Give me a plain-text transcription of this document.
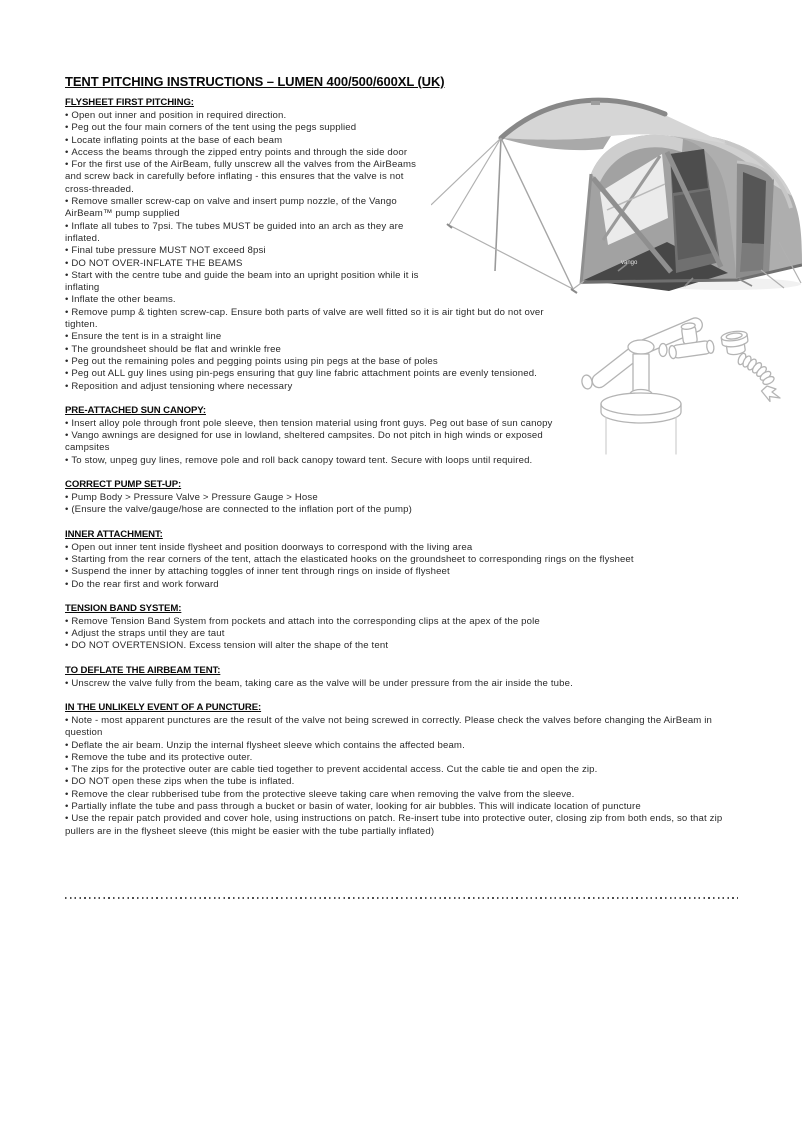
TENT PITCHING INSTRUCTIONS – LUMEN 400/500/600XL (UK)
vango
FLYSHEET FIRST PITCHING:
• Open out inner and position in required direction.
• Peg out the four main corners of the tent using the pegs supplied
• Locate inflating points at the base of each beam
• Access the beams through the zipped entry points and through the side door
• For the first use of the AirBeam, fully unscrew all the valves from the AirBeams and screw back in carefully before inflating - this ensures that the valve is not cross-threaded.
• Remove smaller screw-cap on valve and insert pump nozzle, of the Vango AirBeam™ pump supplied
• Inflate all tubes to 7psi. The tubes MUST be guided into an arch as they are inflated.
• Final tube pressure MUST NOT exceed 8psi
• DO NOT OVER-INFLATE THE BEAMS
• Start with the centre tube and guide the beam into an upright position while it is inflating
• Inflate the other beams.
• Remove pump & tighten screw-cap. Ensure both parts of valve are well fitted so it is air tight but do not over tighten.
• Ensure the tent is in a straight line
• The groundsheet should be flat and wrinkle free
• Peg out the remaining poles and pegging points using pin pegs at the base of poles
• Peg out ALL guy lines using pin-pegs ensuring that guy line fabric attachment points are evenly tensioned.
• Reposition and adjust tensioning where necessary
PRE-ATTACHED SUN CANOPY:
• Insert alloy pole through front pole sleeve, then tension material using front guys. Peg out base of sun canopy
• Vango awnings are designed for use in lowland, sheltered campsites. Do not pitch in high winds or exposed campsites
• To stow, unpeg guy lines, remove pole and roll back canopy toward tent. Secure with loops until required.
CORRECT PUMP SET-UP:
• Pump Body > Pressure Valve > Pressure Gauge > Hose
• (Ensure the valve/gauge/hose are connected to the inflation port of the pump)
INNER ATTACHMENT:
• Open out inner tent inside flysheet and position doorways to correspond with the living area
• Starting from the rear corners of the tent, attach the elasticated hooks on the groundsheet to corresponding rings on the flysheet
• Suspend the inner by attaching toggles of inner tent through rings on inside of flysheet
• Do the rear first and work forward
TENSION BAND SYSTEM:
• Remove Tension Band System from pockets and attach into the corresponding clips at the apex of the pole
• Adjust the straps until they are taut
• DO NOT OVERTENSION. Excess tension will alter the shape of the tent
TO DEFLATE THE AIRBEAM TENT:
• Unscrew the valve fully from the beam, taking care as the valve will be under pressure from the air inside the tube.
IN THE UNLIKELY EVENT OF A PUNCTURE:
• Note - most apparent punctures are the result of the valve not being screwed in correctly. Please check the valves before changing the AirBeam in question
• Deflate the air beam. Unzip the internal flysheet sleeve which contains the affected beam.
• Remove the tube and its protective outer.
• The zips for the protective outer are cable tied together to prevent accidental access. Cut the cable tie and open the zip.
• DO NOT open these zips when the tube is inflated.
• Remove the clear rubberised tube from the protective sleeve taking care when removing the valve from the sleeve.
• Partially inflate the tube and pass through a bucket or basin of water, looking for air bubbles. This will indicate location of puncture
• Use the repair patch provided and cover hole, using instructions on patch. Re-insert tube into protective outer, closing zip from both ends, so that zip pullers are in the flysheet sleeve (this might be easier with the tube partially inflated)
